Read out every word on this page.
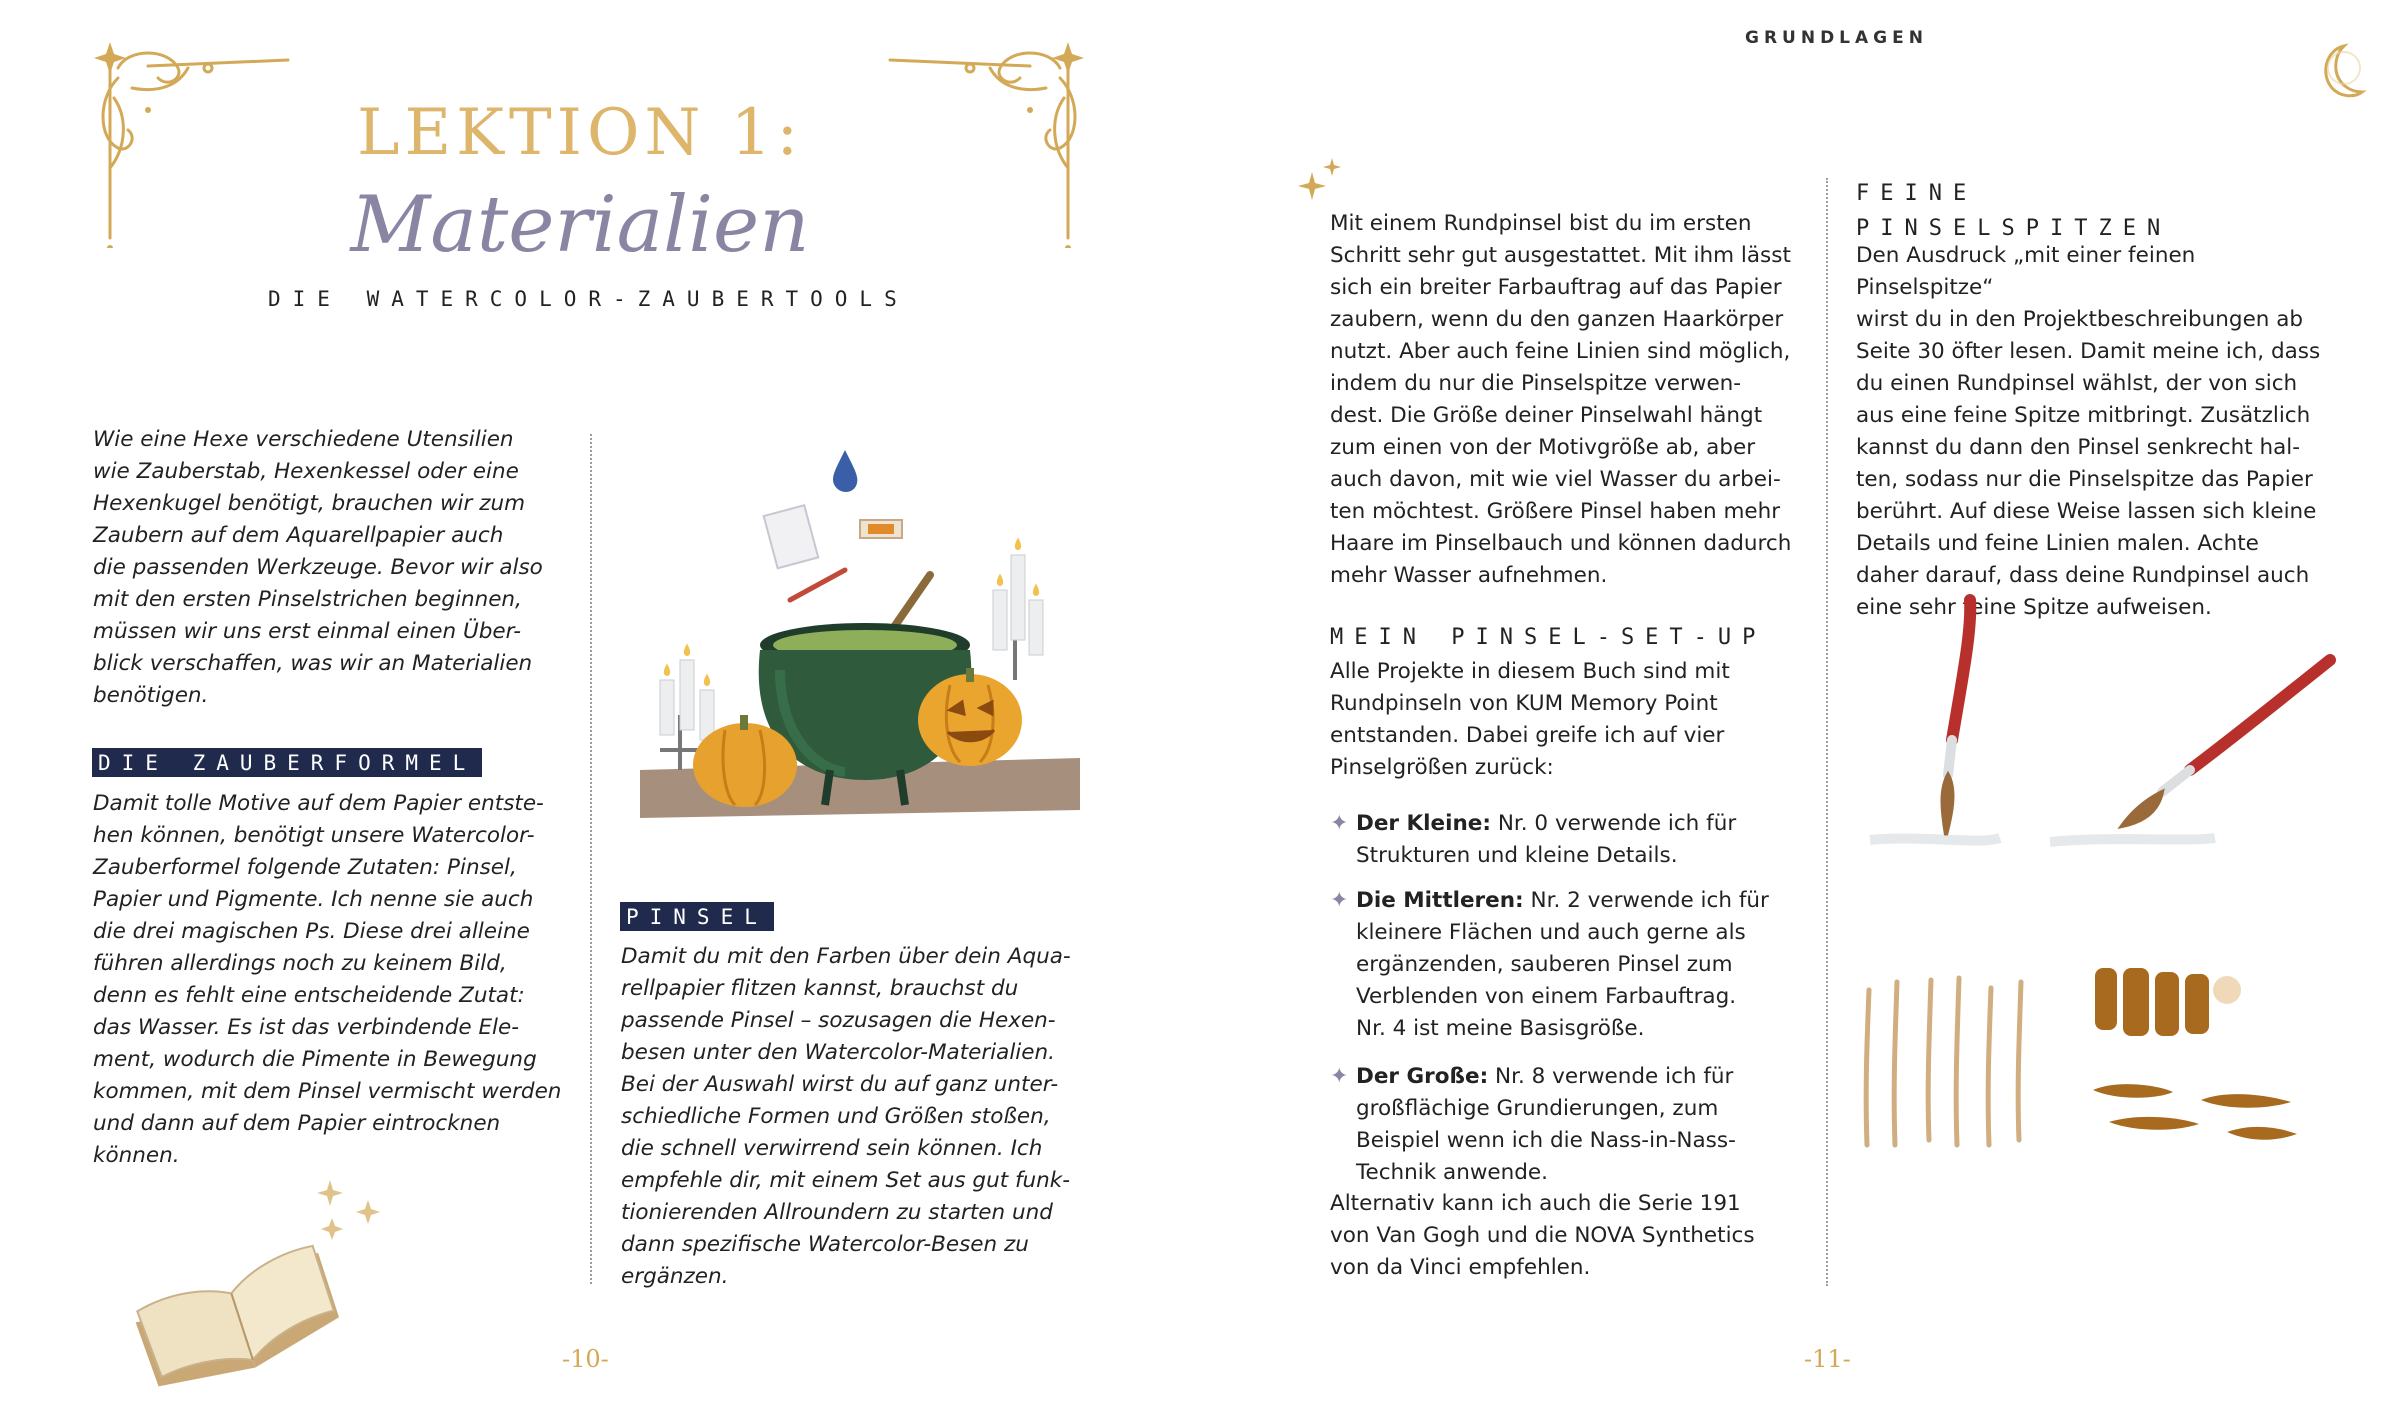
LEKTION 1:
Materialien
DIE WATERCOLOR-ZAUBERTOOLS
Wie eine Hexe verschiedene Utensilien
wie Zauberstab, Hexenkessel oder eine
Hexenkugel benötigt, brauchen wir zum
Zaubern auf dem Aquarellpapier auch
die passenden Werkzeuge. Bevor wir also
mit den ersten Pinselstrichen beginnen,
müssen wir uns erst einmal einen Über-
blick verschaffen, was wir an Materialien
benötigen.
DIE ZAUBERFORMEL
Damit tolle Motive auf dem Papier entste-
hen können, benötigt unsere Watercolor-
Zauberformel folgende Zutaten: Pinsel,
Papier und Pigmente. Ich nenne sie auch
die drei magischen Ps. Diese drei alleine
führen allerdings noch zu keinem Bild,
denn es fehlt eine entscheidende Zutat:
das Wasser. Es ist das verbindende Ele-
ment, wodurch die Pimente in Bewegung
kommen, mit dem Pinsel vermischt werden
und dann auf dem Papier eintrocknen
können.
PINSEL
Damit du mit den Farben über dein Aqua-
rellpapier flitzen kannst, brauchst du
passende Pinsel – sozusagen die Hexen-
besen unter den Watercolor-Materialien.
Bei der Auswahl wirst du auf ganz unter-
schiedliche Formen und Größen stoßen,
die schnell verwirrend sein können. Ich
empfehle dir, mit einem Set aus gut funk-
tionierenden Allroundern zu starten und
dann spezifische Watercolor-Besen zu
ergänzen.
-10-
GRUNDLAGEN
Mit einem Rundpinsel bist du im ersten
Schritt sehr gut ausgestattet. Mit ihm lässt
sich ein breiter Farbauftrag auf das Papier
zaubern, wenn du den ganzen Haarkörper
nutzt. Aber auch feine Linien sind möglich,
indem du nur die Pinselspitze verwen-
dest. Die Größe deiner Pinselwahl hängt
zum einen von der Motivgröße ab, aber
auch davon, mit wie viel Wasser du arbei-
ten möchtest. Größere Pinsel haben mehr
Haare im Pinselbauch und können dadurch
mehr Wasser aufnehmen.
MEIN PINSEL-SET-UP
Alle Projekte in diesem Buch sind mit
Rundpinseln von KUM Memory Point
entstanden. Dabei greife ich auf vier
Pinselgrößen zurück:
✦ Der Kleine: Nr. 0 verwende ich für
Strukturen und kleine Details.
✦ Die Mittleren: Nr. 2 verwende ich für
kleinere Flächen und auch gerne als
ergänzenden, sauberen Pinsel zum
Verblenden von einem Farbauftrag.
Nr. 4 ist meine Basisgröße.
✦ Der Große: Nr. 8 verwende ich für
großflächige Grundierungen, zum
Beispiel wenn ich die Nass-in-Nass-
Technik anwende.
Alternativ kann ich auch die Serie 191
von Van Gogh und die NOVA Synthetics
von da Vinci empfehlen.
FEINE
PINSELSPITZEN
Den Ausdruck „mit einer feinen Pinselspitze“
wirst du in den Projektbeschreibungen ab
Seite 30 öfter lesen. Damit meine ich, dass
du einen Rundpinsel wählst, der von sich
aus eine feine Spitze mitbringt. Zusätzlich
kannst du dann den Pinsel senkrecht hal-
ten, sodass nur die Pinselspitze das Papier
berührt. Auf diese Weise lassen sich kleine
Details und feine Linien malen. Achte
daher darauf, dass deine Rundpinsel auch
eine sehr feine Spitze aufweisen.
-11-
